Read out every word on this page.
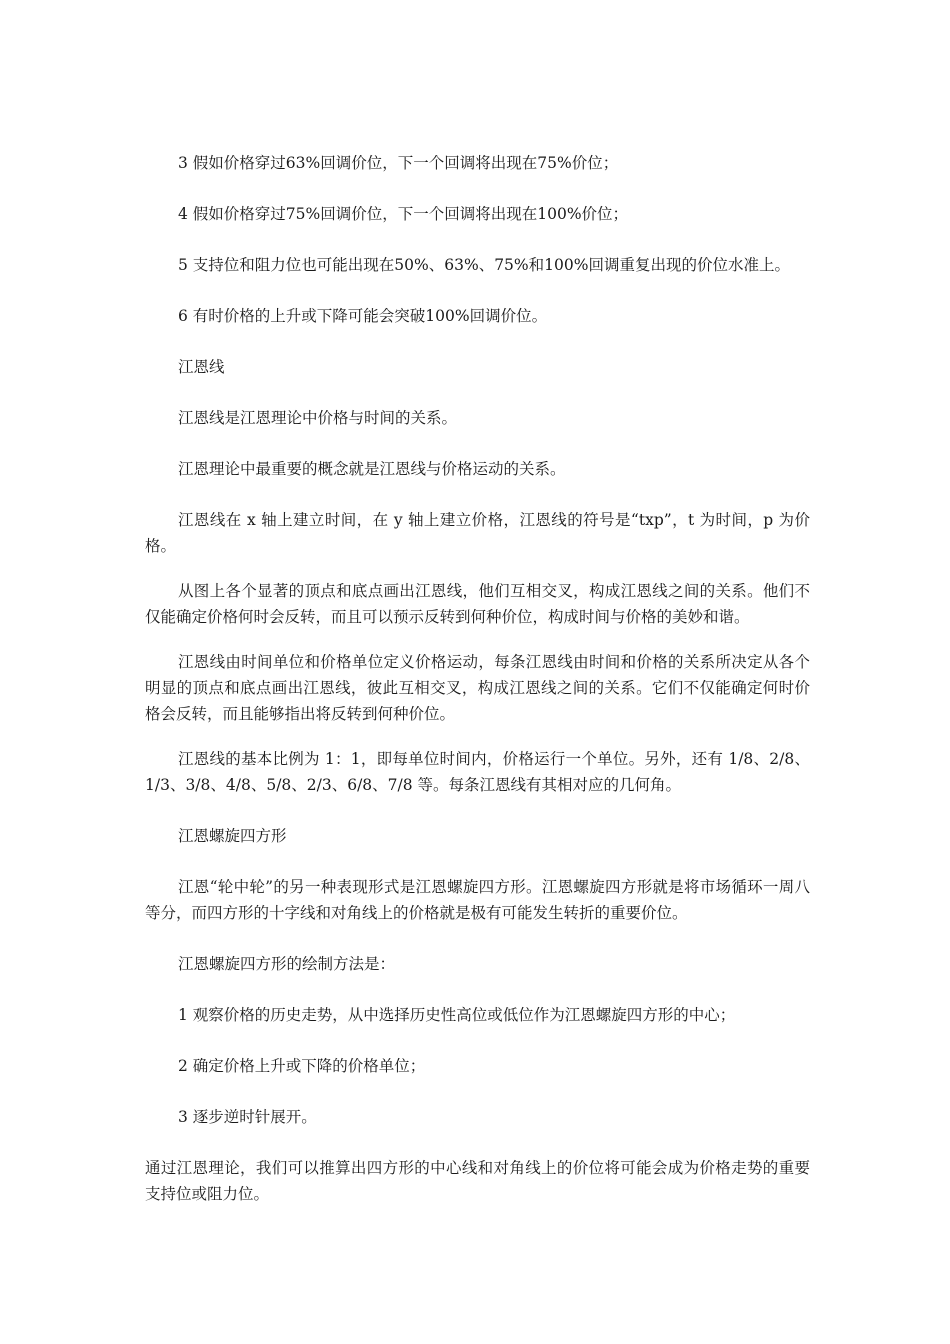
3 假如价格穿过63%回调价位，下一个回调将出现在75%价位；

4 假如价格穿过75%回调价位，下一个回调将出现在100%价位；

5 支持位和阻力位也可能出现在50%、63%、75%和100%回调重复出现的价位水准上。

6 有时价格的上升或下降可能会突破100%回调价位。

江恩线

江恩线是江恩理论中价格与时间的关系。

江恩理论中最重要的概念就是江恩线与价格运动的关系。

江恩线在 x 轴上建立时间，在 y 轴上建立价格，江恩线的符号是“txp”，t 为时间，p 为价格。

从图上各个显著的顶点和底点画出江恩线，他们互相交叉，构成江恩线之间的关系。他们不仅能确定价格何时会反转，而且可以预示反转到何种价位，构成时间与价格的美妙和谐。

江恩线由时间单位和价格单位定义价格运动，每条江恩线由时间和价格的关系所决定从各个明显的顶点和底点画出江恩线，彼此互相交叉，构成江恩线之间的关系。它们不仅能确定何时价格会反转，而且能够指出将反转到何种价位。

江恩线的基本比例为 1：1，即每单位时间内，价格运行一个单位。另外，还有 1/8、2/8、1/3、3/8、4/8、5/8、2/3、6/8、7/8 等。每条江恩线有其相对应的几何角。

江恩螺旋四方形

江恩“轮中轮”的另一种表现形式是江恩螺旋四方形。江恩螺旋四方形就是将市场循环一周八等分，而四方形的十字线和对角线上的价格就是极有可能发生转折的重要价位。

江恩螺旋四方形的绘制方法是：

1 观察价格的历史走势，从中选择历史性高位或低位作为江恩螺旋四方形的中心；

2 确定价格上升或下降的价格单位；

3 逐步逆时针展开。

通过江恩理论，我们可以推算出四方形的中心线和对角线上的价位将可能会成为价格走势的重要支持位或阻力位。
